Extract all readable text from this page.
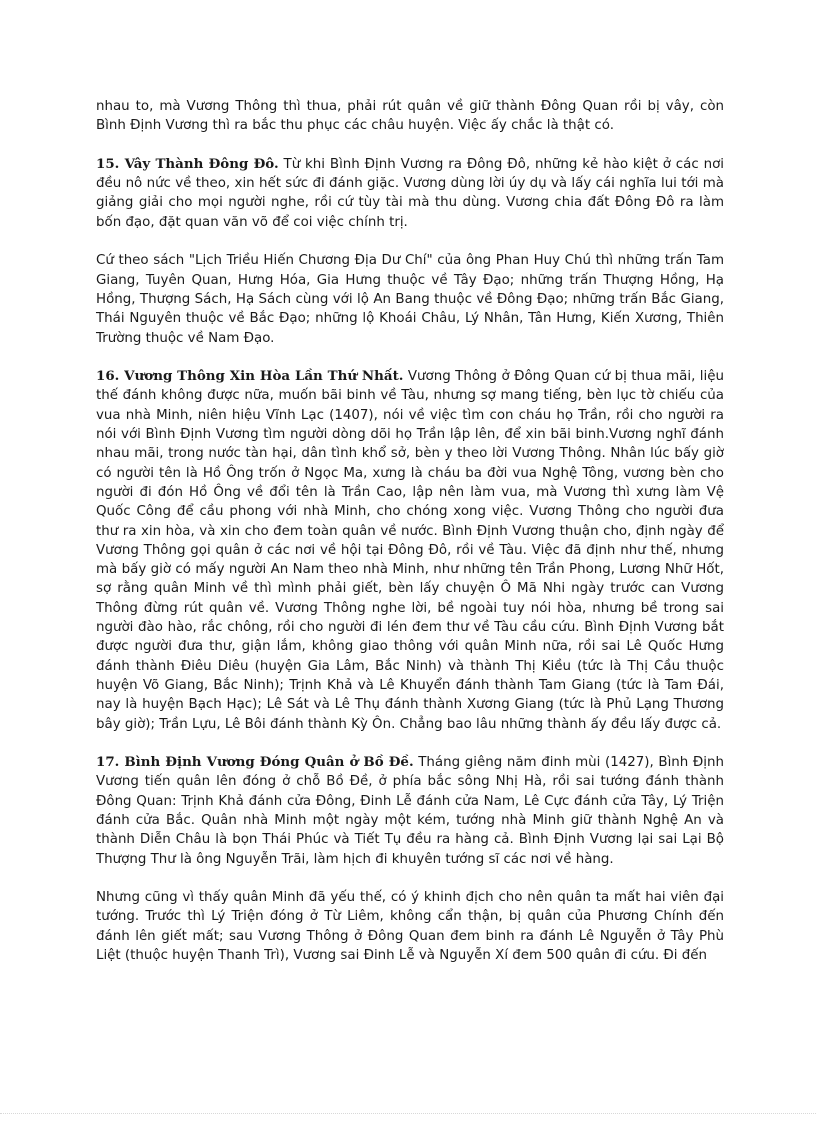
nhau to, mà Vương Thông thì thua, phải rút quân về giữ thành Đông Quan rồi bị vây, còn Bình Định Vương thì ra bắc thu phục các châu huyện. Việc ấy chắc là thật có.

15. Vây Thành Đông Đô. Từ khi Bình Định Vương ra Đông Đô, những kẻ hào kiệt ở các nơi đều nô nức về theo, xin hết sức đi đánh giặc. Vương dùng lời úy dụ và lấy cái nghĩa lui tới mà giảng giải cho mọi người nghe, rồi cứ tùy tài mà thu dùng. Vương chia đất Đông Đô ra làm bốn đạo, đặt quan văn võ để coi việc chính trị.

Cứ theo sách "Lịch Triều Hiến Chương Địa Dư Chí" của ông Phan Huy Chú thì những trấn Tam Giang, Tuyên Quan, Hưng Hóa, Gia Hưng thuộc về Tây Đạo; những trấn Thượng Hồng, Hạ Hồng, Thượng Sách, Hạ Sách cùng với lộ An Bang thuộc về Đông Đạo; những trấn Bắc Giang, Thái Nguyên thuộc về Bắc Đạo; những lộ Khoái Châu, Lý Nhân, Tân Hưng, Kiến Xương, Thiên Trường thuộc về Nam Đạo.

16. Vương Thông Xin Hòa Lần Thứ Nhất. Vương Thông ở Đông Quan cứ bị thua mãi, liệu thế đánh không được nữa, muốn bãi binh về Tàu, nhưng sợ mang tiếng, bèn lục tờ chiếu của vua nhà Minh, niên hiệu Vĩnh Lạc (1407), nói về việc tìm con cháu họ Trần, rồi cho người ra nói với Bình Định Vương tìm người dòng dõi họ Trần lập lên, để xin bãi binh.Vương nghĩ đánh nhau mãi, trong nước tàn hại, dân tình khổ sở, bèn y theo lời Vương Thông. Nhân lúc bấy giờ có người tên là Hồ Ông trốn ở Ngọc Ma, xưng là cháu ba đời vua Nghệ Tông, vương bèn cho người đi đón Hồ Ông về đổi tên là Trần Cao, lập nên làm vua, mà Vương thì xưng làm Vệ Quốc Công để cầu phong với nhà Minh, cho chóng xong việc. Vương Thông cho người đưa thư ra xin hòa, và xin cho đem toàn quân về nước. Bình Định Vương thuận cho, định ngày để Vương Thông gọi quân ở các nơi về hội tại Đông Đô, rồi về Tàu. Việc đã định như thế, nhưng mà bấy giờ có mấy người An Nam theo nhà Minh, như những tên Trần Phong, Lương Nhữ Hốt, sợ rằng quân Minh về thì mình phải giết, bèn lấy chuyện Ô Mã Nhi ngày trước can Vương Thông đừng rút quân về. Vương Thông nghe lời, bề ngoài tuy nói hòa, nhưng bề trong sai người đào hào, rắc chông, rồi cho người đi lén đem thư về Tàu cầu cứu. Bình Định Vương bắt được người đưa thư, giận lắm, không giao thông với quân Minh nữa, rồi sai Lê Quốc Hưng đánh thành Điêu Diêu (huyện Gia Lâm, Bắc Ninh) và thành Thị Kiều (tức là Thị Cầu thuộc huyện Võ Giang, Bắc Ninh); Trịnh Khả và Lê Khuyển đánh thành Tam Giang (tức là Tam Đái, nay là huyện Bạch Hạc); Lê Sát và Lê Thụ đánh thành Xương Giang (tức là Phủ Lạng Thương bây giờ); Trần Lựu, Lê Bôi đánh thành Kỳ Ôn. Chẳng bao lâu những thành ấy đều lấy được cả.

17. Bình Định Vương Đóng Quân ở Bồ Đề. Tháng giêng năm đinh mùi (1427), Bình Định Vương tiến quân lên đóng ở chỗ Bồ Đề, ở phía bắc sông Nhị Hà, rồi sai tướng đánh thành Đông Quan: Trịnh Khả đánh cửa Đông, Đinh Lễ đánh cửa Nam, Lê Cực đánh cửa Tây, Lý Triện đánh cửa Bắc. Quân nhà Minh một ngày một kém, tướng nhà Minh giữ thành Nghệ An và thành Diễn Châu là bọn Thái Phúc và Tiết Tụ đều ra hàng cả. Bình Định Vương lại sai Lại Bộ Thượng Thư là ông Nguyễn Trãi, làm hịch đi khuyên tướng sĩ các nơi về hàng.

Nhưng cũng vì thấy quân Minh đã yếu thế, có ý khinh địch cho nên quân ta mất hai viên đại tướng. Trước thì Lý Triện đóng ở Từ Liêm, không cẩn thận, bị quân của Phương Chính đến đánh lên giết mất; sau Vương Thông ở Đông Quan đem binh ra đánh Lê Nguyễn ở Tây Phù Liệt (thuộc huyện Thanh Trì), Vương sai Đinh Lễ và Nguyễn Xí đem 500 quân đi cứu. Đi đến
